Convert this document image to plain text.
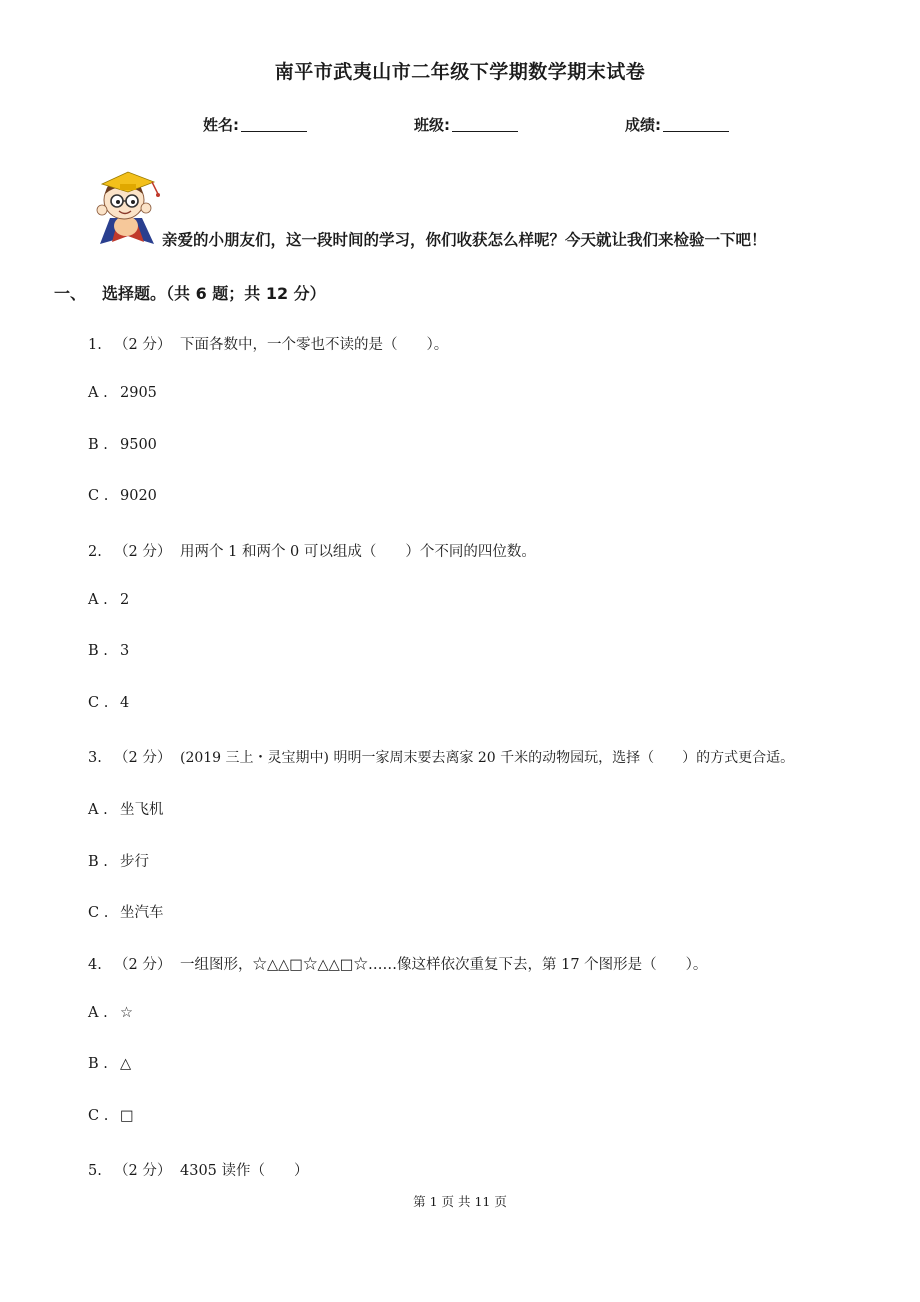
南平市武夷山市二年级下学期数学期末试卷
姓名:	班级:	成绩:
亲爱的小朋友们，这一段时间的学习，你们收获怎么样呢？今天就让我们来检验一下吧！
一、 选择题。（共 6 题；共 12 分）
1. （2 分） 下面各数中，一个零也不读的是（　　）。
A . 2905
B . 9500
C . 9020
2. （2 分） 用两个 1 和两个 0 可以组成（　　）个不同的四位数。
A . 2
B . 3
C . 4
3. （2 分） (2019 三上・灵宝期中) 明明一家周末要去离家 20 千米的动物园玩，选择（　　）的方式更合适。
A . 坐飞机
B . 步行
C . 坐汽车
4. （2 分） 一组图形，☆△△□☆△△□☆……像这样依次重复下去，第 17 个图形是（　　）。
A . ☆
B . △
C . □
5. （2 分） 4305 读作（　　）
第 1 页 共 11 页
